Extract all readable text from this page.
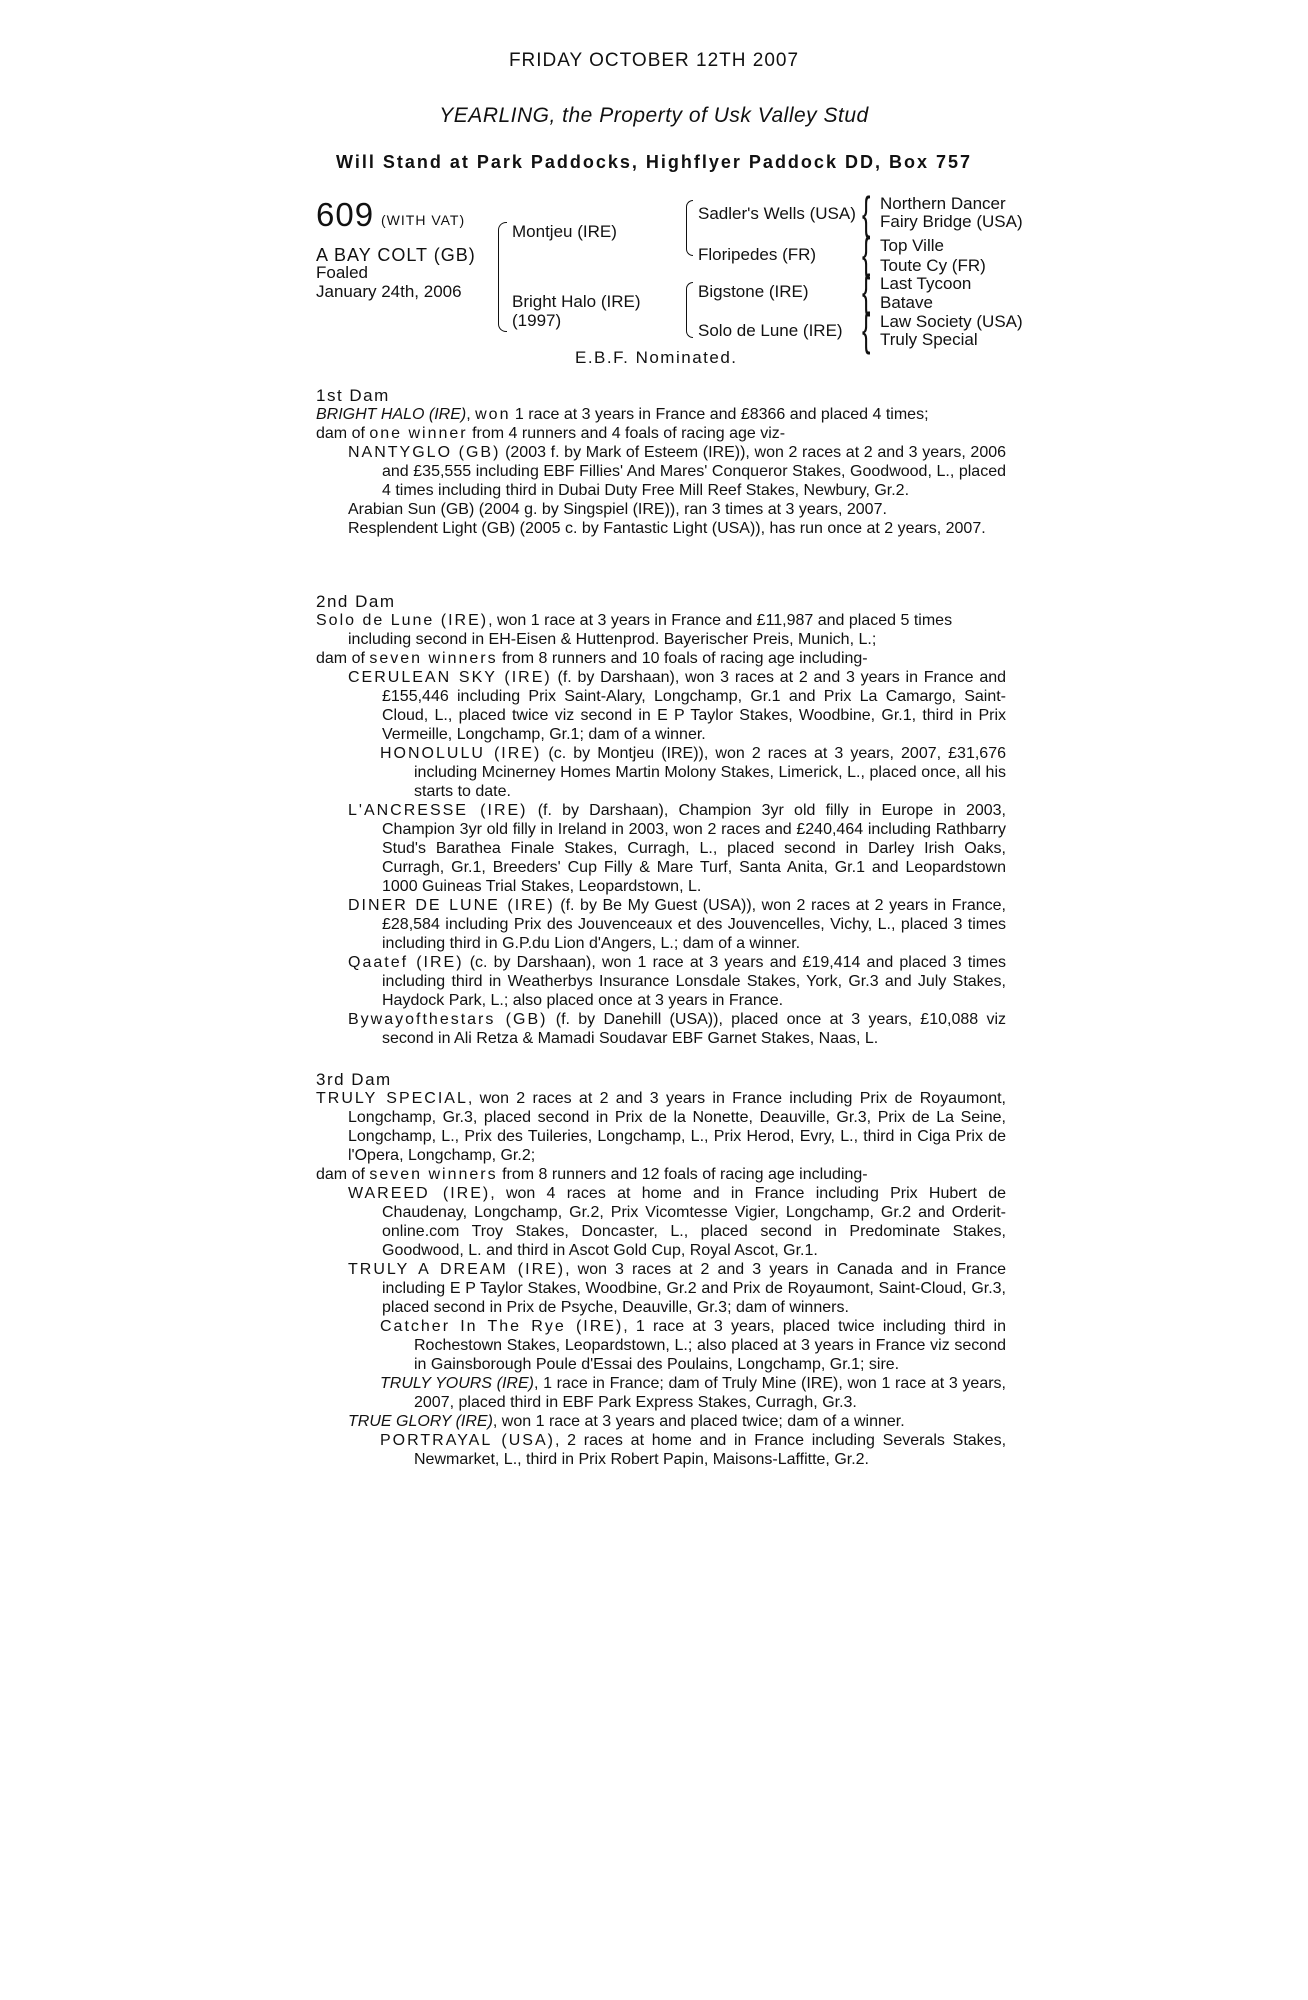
FRIDAY OCTOBER 12TH 2007
YEARLING, the Property of Usk Valley Stud
Will Stand at Park Paddocks, Highflyer Paddock DD, Box 757
609 (WITH VAT)
A BAY COLT (GB)
Foaled
January 24th, 2006
Montjeu (IRE)
Bright Halo (IRE)
(1997)
Sadler's Wells (USA)
Floripedes (FR)
Bigstone (IRE)
Solo de Lune (IRE)
{
{
{
{
Northern Dancer
Fairy Bridge (USA)
Top Ville
Toute Cy (FR)
Last Tycoon
Batave
Law Society (USA)
Truly Special
E.B.F. Nominated.
1st Dam
BRIGHT HALO (IRE), won 1 race at 3 years in France and £8366 and placed 4 times;
dam of one winner from 4 runners and 4 foals of racing age viz-
NANTYGLO (GB) (2003 f. by Mark of Esteem (IRE)), won 2 races at 2 and 3 years, 2006 and £35,555 including EBF Fillies' And Mares' Conqueror Stakes, Goodwood, L., placed 4 times including third in Dubai Duty Free Mill Reef Stakes, Newbury, Gr.2.
Arabian Sun (GB) (2004 g. by Singspiel (IRE)), ran 3 times at 3 years, 2007.
Resplendent Light (GB) (2005 c. by Fantastic Light (USA)), has run once at 2 years, 2007.
2nd Dam
Solo de Lune (IRE), won 1 race at 3 years in France and £11,987 and placed 5 times including second in EH-Eisen & Huttenprod. Bayerischer Preis, Munich, L.;
dam of seven winners from 8 runners and 10 foals of racing age including-
CERULEAN SKY (IRE) (f. by Darshaan), won 3 races at 2 and 3 years in France and £155,446 including Prix Saint-Alary, Longchamp, Gr.1 and Prix La Camargo, Saint-Cloud, L., placed twice viz second in E P Taylor Stakes, Woodbine, Gr.1, third in Prix Vermeille, Longchamp, Gr.1; dam of a winner.
HONOLULU (IRE) (c. by Montjeu (IRE)), won 2 races at 3 years, 2007, £31,676 including Mcinerney Homes Martin Molony Stakes, Limerick, L., placed once, all his starts to date.
L'ANCRESSE (IRE) (f. by Darshaan), Champion 3yr old filly in Europe in 2003, Champion 3yr old filly in Ireland in 2003, won 2 races and £240,464 including Rathbarry Stud's Barathea Finale Stakes, Curragh, L., placed second in Darley Irish Oaks, Curragh, Gr.1, Breeders' Cup Filly & Mare Turf, Santa Anita, Gr.1 and Leopardstown 1000 Guineas Trial Stakes, Leopardstown, L.
DINER DE LUNE (IRE) (f. by Be My Guest (USA)), won 2 races at 2 years in France, £28,584 including Prix des Jouvenceaux et des Jouvencelles, Vichy, L., placed 3 times including third in G.P.du Lion d'Angers, L.; dam of a winner.
Qaatef (IRE) (c. by Darshaan), won 1 race at 3 years and £19,414 and placed 3 times including third in Weatherbys Insurance Lonsdale Stakes, York, Gr.3 and July Stakes, Haydock Park, L.; also placed once at 3 years in France.
Bywayofthestars (GB) (f. by Danehill (USA)), placed once at 3 years, £10,088 viz second in Ali Retza & Mamadi Soudavar EBF Garnet Stakes, Naas, L.
3rd Dam
TRULY SPECIAL, won 2 races at 2 and 3 years in France including Prix de Royaumont, Longchamp, Gr.3, placed second in Prix de la Nonette, Deauville, Gr.3, Prix de La Seine, Longchamp, L., Prix des Tuileries, Longchamp, L., Prix Herod, Evry, L., third in Ciga Prix de l'Opera, Longchamp, Gr.2;
dam of seven winners from 8 runners and 12 foals of racing age including-
WAREED (IRE), won 4 races at home and in France including Prix Hubert de Chaudenay, Longchamp, Gr.2, Prix Vicomtesse Vigier, Longchamp, Gr.2 and Orderit-online.com Troy Stakes, Doncaster, L., placed second in Predominate Stakes, Goodwood, L. and third in Ascot Gold Cup, Royal Ascot, Gr.1.
TRULY A DREAM (IRE), won 3 races at 2 and 3 years in Canada and in France including E P Taylor Stakes, Woodbine, Gr.2 and Prix de Royaumont, Saint-Cloud, Gr.3, placed second in Prix de Psyche, Deauville, Gr.3; dam of winners.
Catcher In The Rye (IRE), 1 race at 3 years, placed twice including third in Rochestown Stakes, Leopardstown, L.; also placed at 3 years in France viz second in Gainsborough Poule d'Essai des Poulains, Longchamp, Gr.1; sire.
TRULY YOURS (IRE), 1 race in France; dam of Truly Mine (IRE), won 1 race at 3 years, 2007, placed third in EBF Park Express Stakes, Curragh, Gr.3.
TRUE GLORY (IRE), won 1 race at 3 years and placed twice; dam of a winner.
PORTRAYAL (USA), 2 races at home and in France including Severals Stakes, Newmarket, L., third in Prix Robert Papin, Maisons-Laffitte, Gr.2.
